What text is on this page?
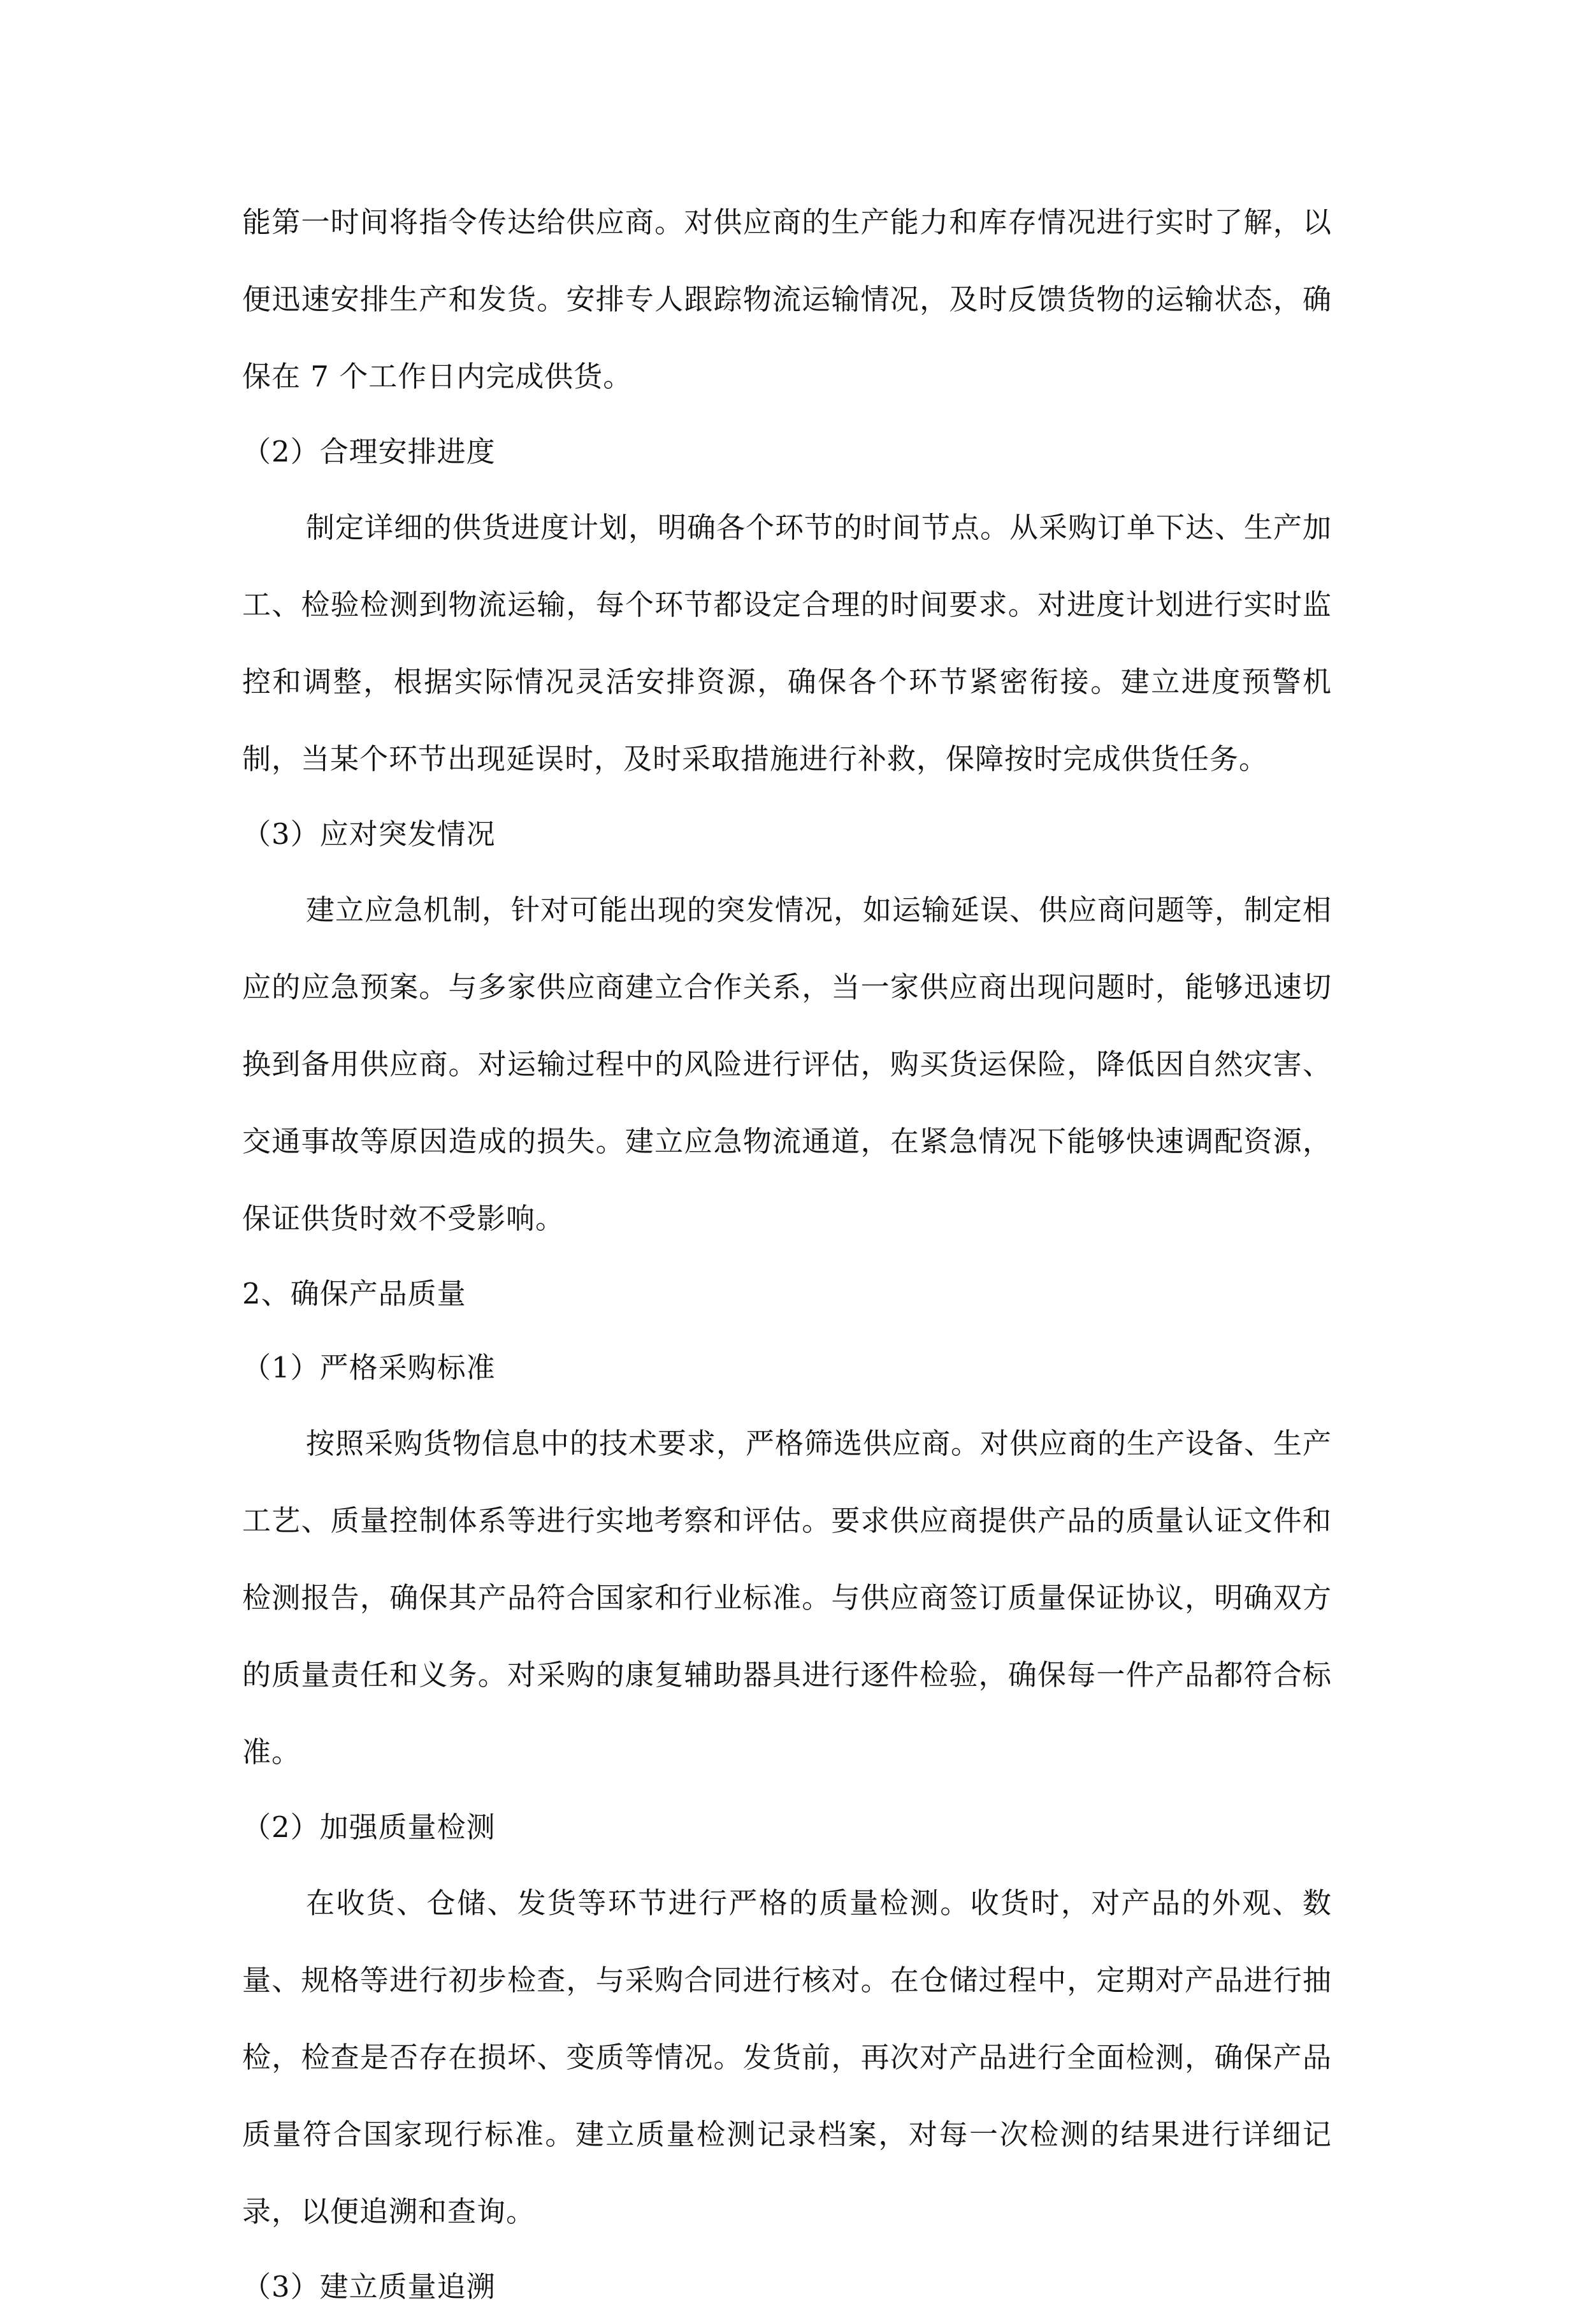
能第一时间将指令传达给供应商。对供应商的生产能力和库存情况进行实时了解，以便迅速安排生产和发货。安排专人跟踪物流运输情况，及时反馈货物的运输状态，确保在 7 个工作日内完成供货。

（2）合理安排进度

制定详细的供货进度计划，明确各个环节的时间节点。从采购订单下达、生产加工、检验检测到物流运输，每个环节都设定合理的时间要求。对进度计划进行实时监控和调整，根据实际情况灵活安排资源，确保各个环节紧密衔接。建立进度预警机制，当某个环节出现延误时，及时采取措施进行补救，保障按时完成供货任务。

（3）应对突发情况

建立应急机制，针对可能出现的突发情况，如运输延误、供应商问题等，制定相应的应急预案。与多家供应商建立合作关系，当一家供应商出现问题时，能够迅速切换到备用供应商。对运输过程中的风险进行评估，购买货运保险，降低因自然灾害、交通事故等原因造成的损失。建立应急物流通道，在紧急情况下能够快速调配资源，保证供货时效不受影响。

2、确保产品质量

（1）严格采购标准

按照采购货物信息中的技术要求，严格筛选供应商。对供应商的生产设备、生产工艺、质量控制体系等进行实地考察和评估。要求供应商提供产品的质量认证文件和检测报告，确保其产品符合国家和行业标准。与供应商签订质量保证协议，明确双方的质量责任和义务。对采购的康复辅助器具进行逐件检验，确保每一件产品都符合标准。

（2）加强质量检测

在收货、仓储、发货等环节进行严格的质量检测。收货时，对产品的外观、数量、规格等进行初步检查，与采购合同进行核对。在仓储过程中，定期对产品进行抽检，检查是否存在损坏、变质等情况。发货前，再次对产品进行全面检测，确保产品质量符合国家现行标准。建立质量检测记录档案，对每一次检测的结果进行详细记录，以便追溯和查询。

（3）建立质量追溯
